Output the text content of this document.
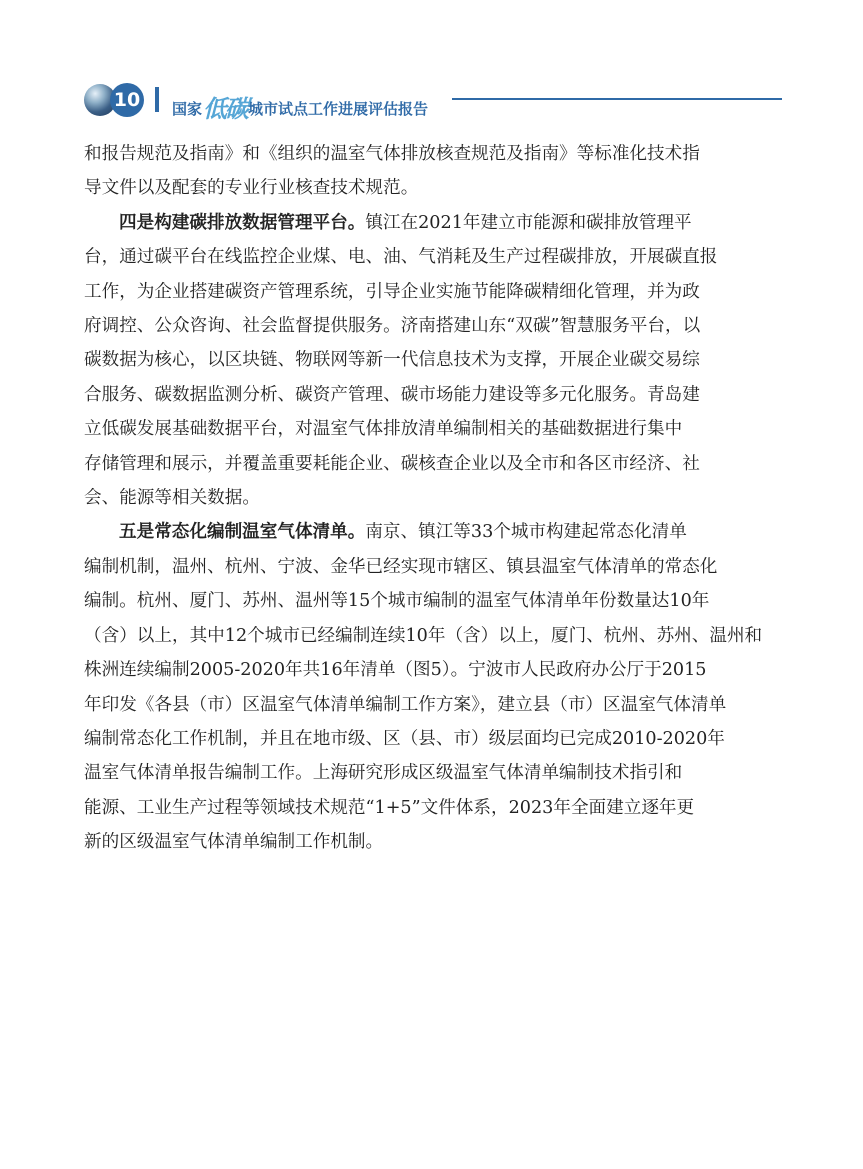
10 国家低碳城市试点工作进展评估报告

和报告规范及指南》和《组织的温室气体排放核查规范及指南》等标准化技术指

导文件以及配套的专业行业核查技术规范。

四是构建碳排放数据管理平台。镇江在2021年建立市能源和碳排放管理平

台，通过碳平台在线监控企业煤、电、油、气消耗及生产过程碳排放，开展碳直报

工作，为企业搭建碳资产管理系统，引导企业实施节能降碳精细化管理，并为政

府调控、公众咨询、社会监督提供服务。济南搭建山东“双碳”智慧服务平台，以

碳数据为核心，以区块链、物联网等新一代信息技术为支撑，开展企业碳交易综

合服务、碳数据监测分析、碳资产管理、碳市场能力建设等多元化服务。青岛建

立低碳发展基础数据平台，对温室气体排放清单编制相关的基础数据进行集中

存储管理和展示，并覆盖重要耗能企业、碳核查企业以及全市和各区市经济、社

会、能源等相关数据。

五是常态化编制温室气体清单。南京、镇江等33个城市构建起常态化清单

编制机制，温州、杭州、宁波、金华已经实现市辖区、镇县温室气体清单的常态化

编制。杭州、厦门、苏州、温州等15个城市编制的温室气体清单年份数量达10年

（含）以上，其中12个城市已经编制连续10年（含）以上，厦门、杭州、苏州、温州和

株洲连续编制2005-2020年共16年清单（图5）。宁波市人民政府办公厅于2015

年印发《各县（市）区温室气体清单编制工作方案》，建立县（市）区温室气体清单

编制常态化工作机制，并且在地市级、区（县、市）级层面均已完成2010-2020年

温室气体清单报告编制工作。上海研究形成区级温室气体清单编制技术指引和

能源、工业生产过程等领域技术规范“1+5”文件体系，2023年全面建立逐年更

新的区级温室气体清单编制工作机制。
